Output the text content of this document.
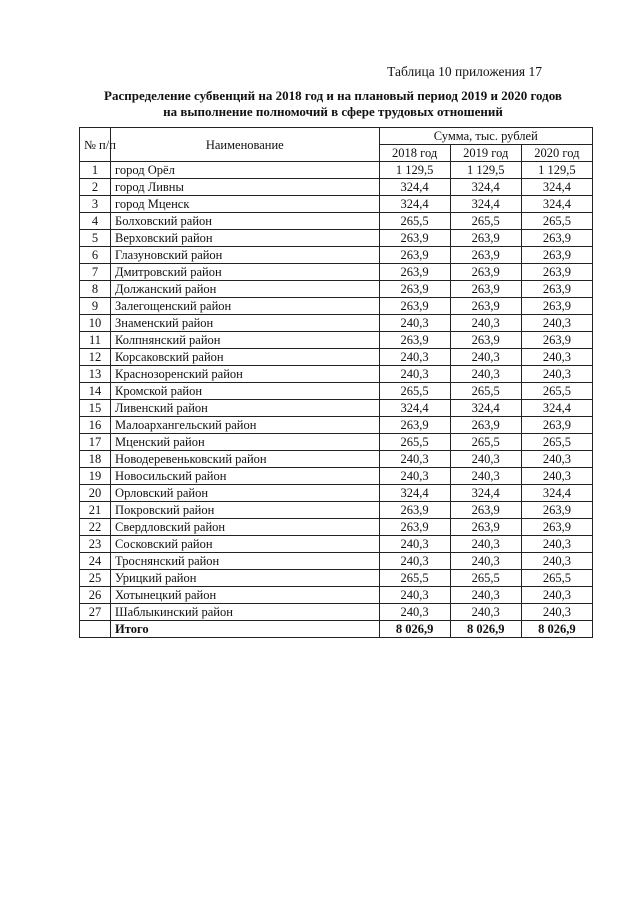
Таблица 10 приложения 17
Распределение субвенций на 2018 год и на плановый период 2019 и 2020 годов
на выполнение полномочий в сфере трудовых отношений
№ п/п	Наименование	Сумма, тыс. рублей		
		2018 год	2019 год	2020 год
1	город Орёл	1 129,5	1 129,5	1 129,5
2	город Ливны	324,4	324,4	324,4
3	город Мценск	324,4	324,4	324,4
4	Болховский район	265,5	265,5	265,5
5	Верховский район	263,9	263,9	263,9
6	Глазуновский район	263,9	263,9	263,9
7	Дмитровский район	263,9	263,9	263,9
8	Должанский район	263,9	263,9	263,9
9	Залегощенский район	263,9	263,9	263,9
10	Знаменский район	240,3	240,3	240,3
11	Колпнянский район	263,9	263,9	263,9
12	Корсаковский район	240,3	240,3	240,3
13	Краснозоренский район	240,3	240,3	240,3
14	Кромской район	265,5	265,5	265,5
15	Ливенский район	324,4	324,4	324,4
16	Малоархангельский район	263,9	263,9	263,9
17	Мценский район	265,5	265,5	265,5
18	Новодеревеньковский район	240,3	240,3	240,3
19	Новосильский район	240,3	240,3	240,3
20	Орловский район	324,4	324,4	324,4
21	Покровский район	263,9	263,9	263,9
22	Свердловский район	263,9	263,9	263,9
23	Сосковский район	240,3	240,3	240,3
24	Троснянский район	240,3	240,3	240,3
25	Урицкий район	265,5	265,5	265,5
26	Хотынецкий район	240,3	240,3	240,3
27	Шаблыкинский район	240,3	240,3	240,3
	Итого	8 026,9	8 026,9	8 026,9
